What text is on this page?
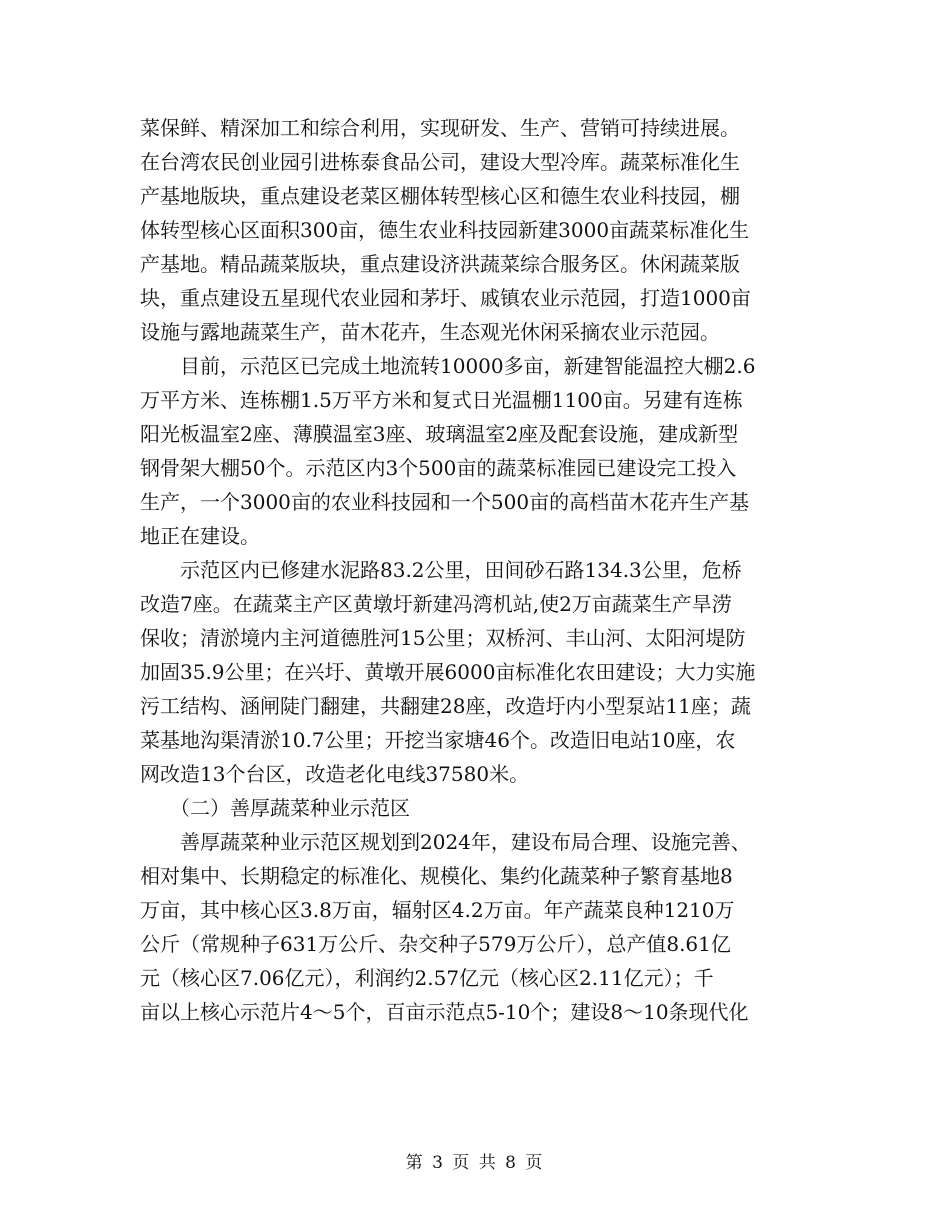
菜保鲜、精深加工和综合利用，实现研发、生产、营销可持续进展。
在台湾农民创业园引进栋泰食品公司，建设大型冷库。蔬菜标准化生
产基地版块，重点建设老菜区棚体转型核心区和德生农业科技园，棚
体转型核心区面积300亩，德生农业科技园新建3000亩蔬菜标准化生
产基地。精品蔬菜版块，重点建设济洪蔬菜综合服务区。休闲蔬菜版
块，重点建设五星现代农业园和茅圩、戚镇农业示范园，打造1000亩
设施与露地蔬菜生产，苗木花卉，生态观光休闲采摘农业示范园。
　　目前，示范区已完成土地流转10000多亩，新建智能温控大棚2.6
万平方米、连栋棚1.5万平方米和复式日光温棚1100亩。另建有连栋
阳光板温室2座、薄膜温室3座、玻璃温室2座及配套设施，建成新型
钢骨架大棚50个。示范区内3个500亩的蔬菜标准园已建设完工投入
生产，一个3000亩的农业科技园和一个500亩的高档苗木花卉生产基
地正在建设。
　　示范区内已修建水泥路83.2公里，田间砂石路134.3公里，危桥
改造7座。在蔬菜主产区黄墩圩新建冯湾机站,使2万亩蔬菜生产旱涝
保收；清淤境内主河道德胜河15公里；双桥河、丰山河、太阳河堤防
加固35.9公里；在兴圩、黄墩开展6000亩标准化农田建设；大力实施
污工结构、涵闸陡门翻建，共翻建28座，改造圩内小型泵站11座；蔬
菜基地沟渠清淤10.7公里；开挖当家塘46个。改造旧电站10座，农
网改造13个台区，改造老化电线37580米。
　　（二）善厚蔬菜种业示范区
　　善厚蔬菜种业示范区规划到2024年，建设布局合理、设施完善、
相对集中、长期稳定的标准化、规模化、集约化蔬菜种子繁育基地8
万亩，其中核心区3.8万亩，辐射区4.2万亩。年产蔬菜良种1210万
公斤（常规种子631万公斤、杂交种子579万公斤），总产值8.61亿
元（核心区7.06亿元），利润约2.57亿元（核心区2.11亿元）；千
亩以上核心示范片4～5个，百亩示范点5-10个；建设8～10条现代化
第 3 页 共 8 页
